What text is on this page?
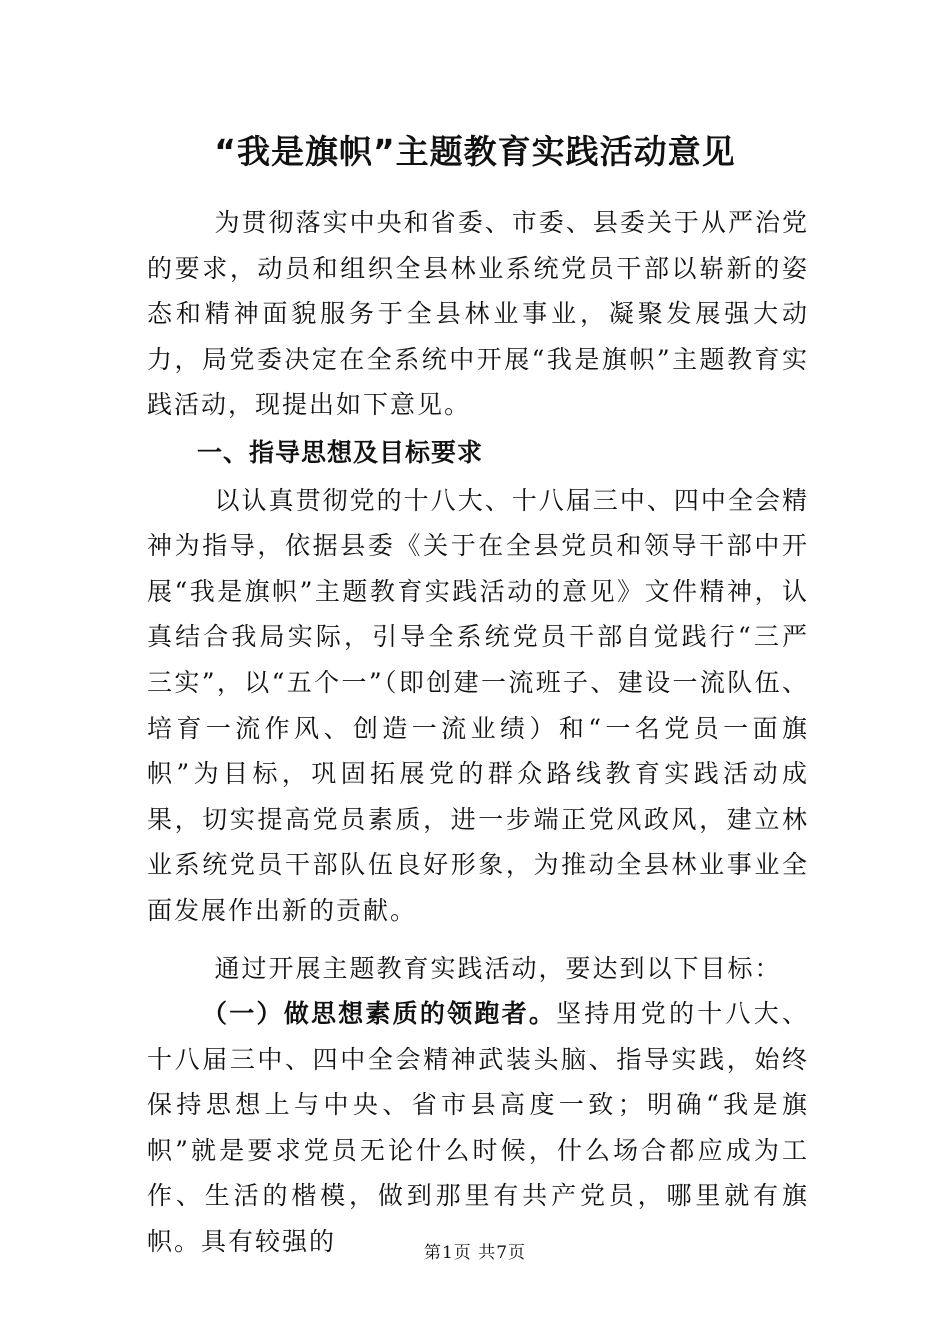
“我是旗帜”主题教育实践活动意见

为贯彻落实中央和省委、市委、县委关于从严治党的要求，动员和组织全县林业系统党员干部以崭新的姿态和精神面貌服务于全县林业事业，凝聚发展强大动力，局党委决定在全系统中开展“我是旗帜”主题教育实践活动，现提出如下意见。

一、指导思想及目标要求

以认真贯彻党的十八大、十八届三中、四中全会精神为指导，依据县委《关于在全县党员和领导干部中开展“我是旗帜”主题教育实践活动的意见》文件精神，认真结合我局实际，引导全系统党员干部自觉践行“三严三实”，以“五个一”（即创建一流班子、建设一流队伍、培育一流作风、创造一流业绩）和“一名党员一面旗帜”为目标，巩固拓展党的群众路线教育实践活动成果，切实提高党员素质，进一步端正党风政风，建立林业系统党员干部队伍良好形象，为推动全县林业事业全面发展作出新的贡献。

通过开展主题教育实践活动，要达到以下目标：

（一）做思想素质的领跑者。坚持用党的十八大、十八届三中、四中全会精神武装头脑、指导实践，始终保持思想上与中央、省市县高度一致；明确“我是旗帜”就是要求党员无论什么时候，什么场合都应成为工作、生活的楷模，做到那里有共产党员，哪里就有旗帜。具有较强的	第1页 共7页
